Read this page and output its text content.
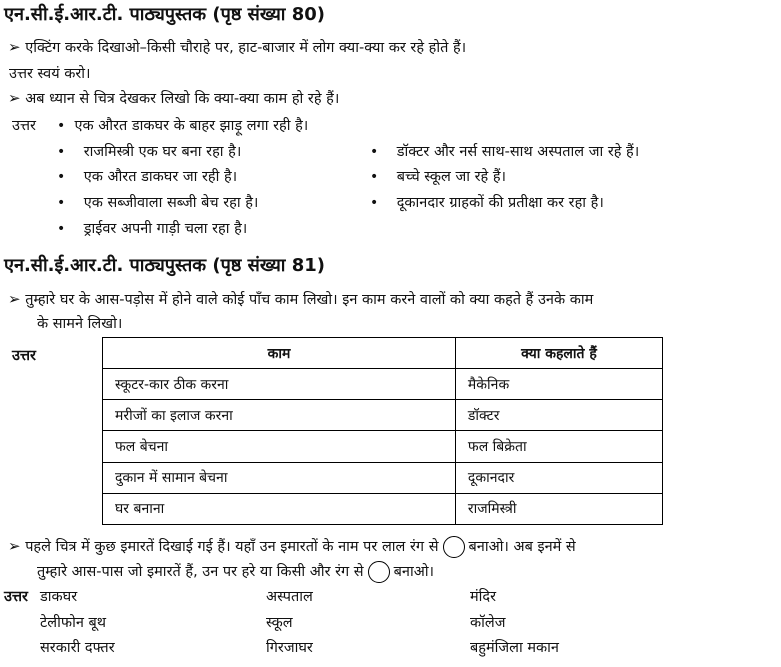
एन.सी.ई.आर.टी. पाठ्यपुस्तक (पृष्ठ संख्या 80)
➢ एक्टिंग करके दिखाओ–किसी चौराहे पर, हाट-बाजार में लोग क्या-क्या कर रहे होते हैं।
उत्तर स्वयं करो।
➢ अब ध्यान से चित्र देखकर लिखो कि क्या-क्या काम हो रहे हैं।
उत्तर • एक औरत डाकघर के बाहर झाड़ू लगा रही है।
• राजमिस्त्री एक घर बना रहा है।
• एक औरत डाकघर जा रही है।
• एक सब्जीवाला सब्जी बेच रहा है।
• ड्राईवर अपनी गाड़ी चला रहा है।
• डॉक्टर और नर्स साथ-साथ अस्पताल जा रहे हैं।
• बच्चे स्कूल जा रहे हैं।
• दूकानदार ग्राहकों की प्रतीक्षा कर रहा है।
एन.सी.ई.आर.टी. पाठ्यपुस्तक (पृष्ठ संख्या 81)
➢ तुम्हारे घर के आस-पड़ोस में होने वाले कोई पाँच काम लिखो। इन काम करने वालों को क्या कहते हैं उनके काम
के सामने लिखो।
उत्तर	काम	क्या कहलाते हैं
स्कूटर-कार ठीक करना	मैकेनिक
मरीजों का इलाज करना	डॉक्टर
फल बेचना	फल बिक्रेता
दुकान में सामान बेचना	दूकानदार
घर बनाना	राजमिस्त्री
➢ पहले चित्र में कुछ इमारतें दिखाई गई हैं। यहाँ उन इमारतों के नाम पर लाल रंग से बनाओ। अब इनमें से
तुम्हारे आस-पास जो इमारतें हैं, उन पर हरे या किसी और रंग से बनाओ।
उत्तर डाकघर	अस्पताल	मंदिर
टेलीफोन बूथ	स्कूल	कॉलेज
सरकारी दफ्तर	गिरजाघर	बहुमंजिला मकान
